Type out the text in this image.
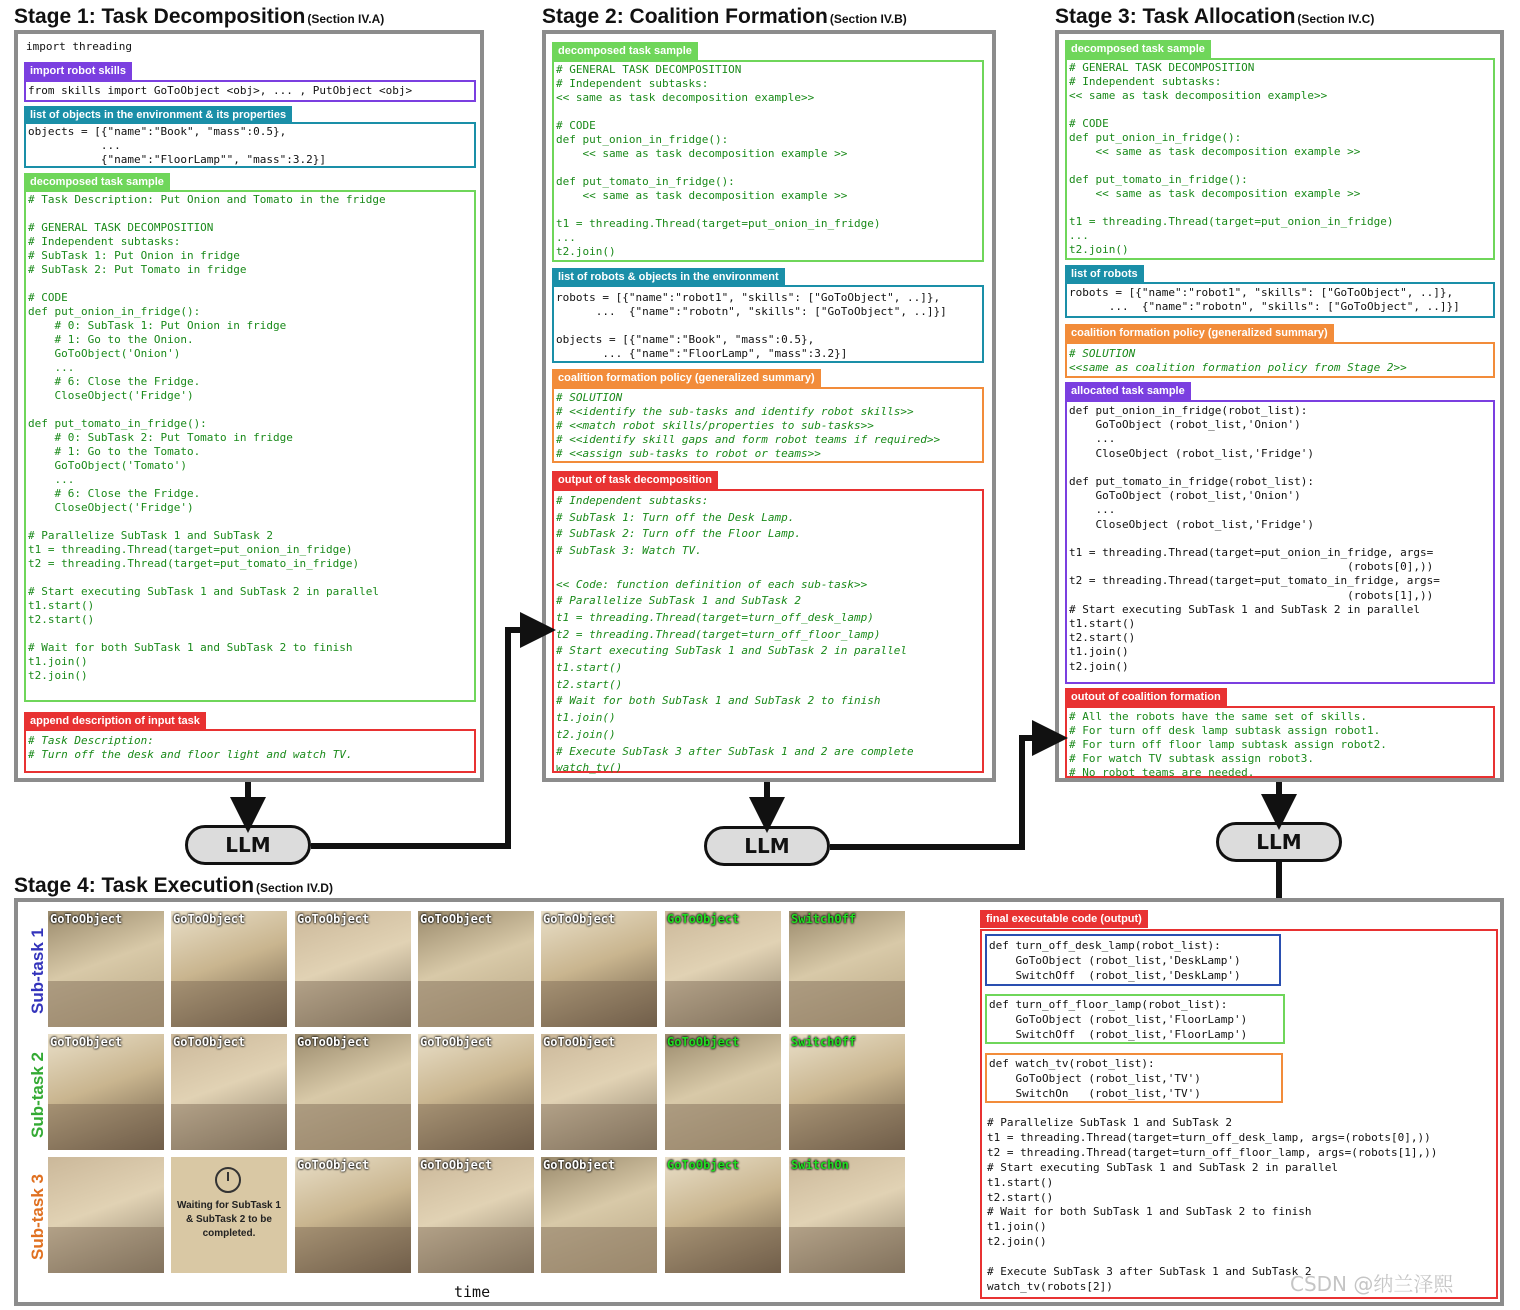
Stage 1: Task Decomposition (Section IV.A)	Stage 2: Coalition Formation (Section IV.B)	Stage 3: Task Allocation (Section IV.C)
Stage 4: Task Execution (Section IV.D)
import threading
import robot skills
from skills import GoToObject <obj>, ... , PutObject <obj>
list of objects in the environment & its properties
objects = [{"name":"Book", "mass":0.5},
...
{"name":"FloorLamp"", "mass":3.2}]
decomposed task sample
# Task Description: Put Onion and Tomato in the fridge

# GENERAL TASK DECOMPOSITION
# Independent subtasks:
# SubTask 1: Put Onion in fridge
# SubTask 2: Put Tomato in fridge

# CODE
def put_onion_in_fridge():
# 0: SubTask 1: Put Onion in fridge
# 1: Go to the Onion.
GoToObject('Onion')
...
# 6: Close the Fridge.
CloseObject('Fridge')

def put_tomato_in_fridge():
# 0: SubTask 2: Put Tomato in fridge
# 1: Go to the Tomato.
GoToObject('Tomato')
...
# 6: Close the Fridge.
CloseObject('Fridge')

# Parallelize SubTask 1 and SubTask 2
t1 = threading.Thread(target=put_onion_in_fridge)
t2 = threading.Thread(target=put_tomato_in_fridge)

# Start executing SubTask 1 and SubTask 2 in parallel
t1.start()
t2.start()

# Wait for both SubTask 1 and SubTask 2 to finish
t1.join()
t2.join()
append description of input task
# Task Description:
# Turn off the desk and floor light and watch TV.
decomposed task sample
# GENERAL TASK DECOMPOSITION
# Independent subtasks:
<< same as task decomposition example>>

# CODE
def put_onion_in_fridge():
<< same as task decomposition example >>

def put_tomato_in_fridge():
<< same as task decomposition example >>

t1 = threading.Thread(target=put_onion_in_fridge)
...
t2.join()
list of robots & objects in the environment
robots = [{"name":"robot1", "skills": ["GoToObject", ..]},
...  {"name":"robotn", "skills": ["GoToObject", ..]}]

objects = [{"name":"Book", "mass":0.5},
... {"name":"FloorLamp", "mass":3.2}]
coalition formation policy (generalized summary)
# SOLUTION
# <<identify the sub-tasks and identify robot skills>>
# <<match robot skills/properties to sub-tasks>>
# <<identify skill gaps and form robot teams if required>>
# <<assign sub-tasks to robot or teams>>
output of task decomposition
# Independent subtasks:
# SubTask 1: Turn off the Desk Lamp.
# SubTask 2: Turn off the Floor Lamp.
# SubTask 3: Watch TV.

<< Code: function definition of each sub-task>>
# Parallelize SubTask 1 and SubTask 2
t1 = threading.Thread(target=turn_off_desk_lamp)
t2 = threading.Thread(target=turn_off_floor_lamp)
# Start executing SubTask 1 and SubTask 2 in parallel
t1.start()
t2.start()
# Wait for both SubTask 1 and SubTask 2 to finish
t1.join()
t2.join()
# Execute SubTask 3 after SubTask 1 and 2 are complete
watch_tv()
decomposed task sample
# GENERAL TASK DECOMPOSITION
# Independent subtasks:
<< same as task decomposition example>>

# CODE
def put_onion_in_fridge():
<< same as task decomposition example >>

def put_tomato_in_fridge():
<< same as task decomposition example >>

t1 = threading.Thread(target=put_onion_in_fridge)
...
t2.join()
list of robots
robots = [{"name":"robot1", "skills": ["GoToObject", ..]},
...  {"name":"robotn", "skills": ["GoToObject", ..]}]
coalition formation policy (generalized summary)
# SOLUTION
<<same as coalition formation policy from Stage 2>>
allocated task sample
def put_onion_in_fridge(robot_list):
GoToObject (robot_list,'Onion')
...
CloseObject (robot_list,'Fridge')

def put_tomato_in_fridge(robot_list):
GoToObject (robot_list,'Onion')
...
CloseObject (robot_list,'Fridge')

t1 = threading.Thread(target=put_onion_in_fridge, args=
(robots[0],))
t2 = threading.Thread(target=put_tomato_in_fridge, args=
(robots[1],))
# Start executing SubTask 1 and SubTask 2 in parallel
t1.start()
t2.start()
t1.join()
t2.join()
outout of coalition formation
# All the robots have the same set of skills.
# For turn off desk lamp subtask assign robot1.
# For turn off floor lamp subtask assign robot2.
# For watch TV subtask assign robot3.
# No robot teams are needed.
LLM	LLM	LLM
Sub-task 1
Sub-task 2
Sub-task 3
GoToObject	GoToObject	GoToObject	GoToObject	GoToObject	GoToObject	SwitchOff
GoToObject	GoToObject	GoToObject	GoToObject	GoToObject	GoToObject	SwitchOff
Waiting for SubTask 1 & SubTask 2 to be completed.
GoToObject	GoToObject	GoToObject	GoToObject	SwitchOn
time
final executable code (output)
def turn_off_desk_lamp(robot_list):
GoToObject (robot_list,'DeskLamp')
SwitchOff  (robot_list,'DeskLamp')
def turn_off_floor_lamp(robot_list):
GoToObject (robot_list,'FloorLamp')
SwitchOff  (robot_list,'FloorLamp')
def watch_tv(robot_list):
GoToObject (robot_list,'TV')
SwitchOn   (robot_list,'TV')
# Parallelize SubTask 1 and SubTask 2
t1 = threading.Thread(target=turn_off_desk_lamp, args=(robots[0],))
t2 = threading.Thread(target=turn_off_floor_lamp, args=(robots[1],))
# Start executing SubTask 1 and SubTask 2 in parallel
t1.start()
t2.start()
# Wait for both SubTask 1 and SubTask 2 to finish
t1.join()
t2.join()

# Execute SubTask 3 after SubTask 1 and SubTask 2
watch_tv(robots[2])	CSDN @纳兰泽熙
